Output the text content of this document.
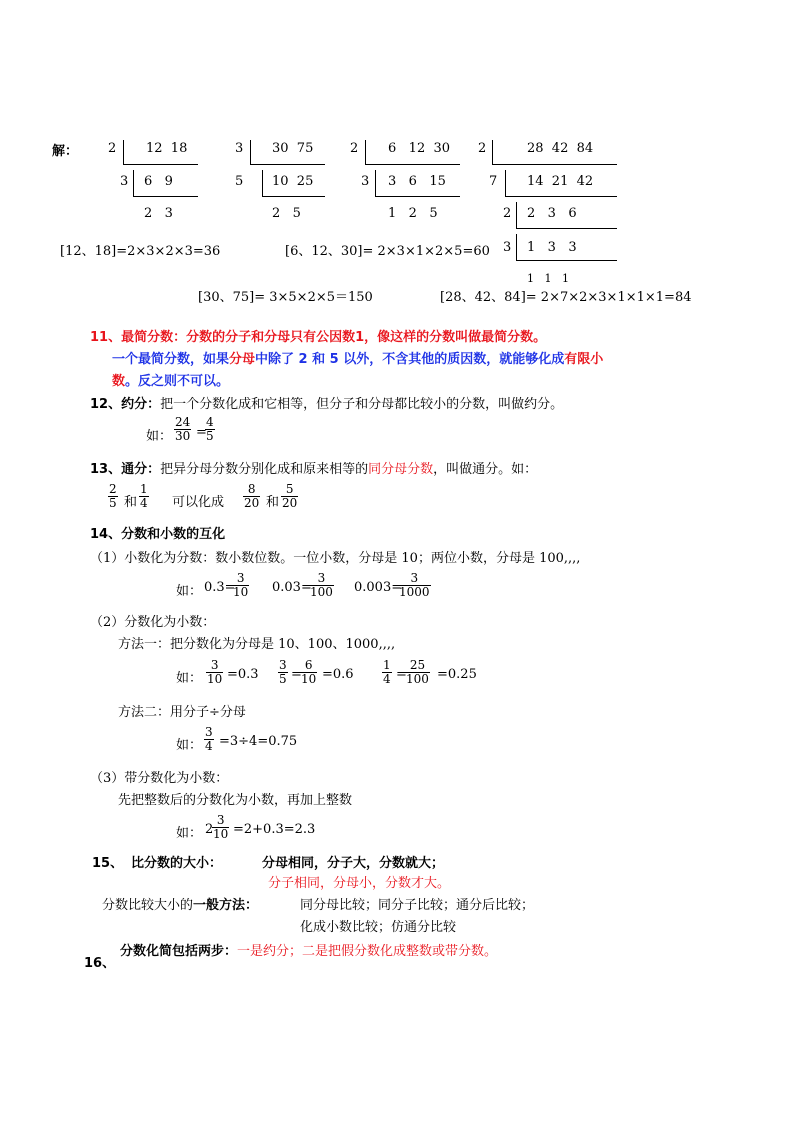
解： 2 12  18
3 6   9
2   3
3 30  75
5 10  25
2   5
2 6   12  30
3 3   6   15
1   2   5
2	28  42  84
7 14  21  42
2 2   3   6
3 1   3   3
1   1   1
[12、18]=2×3×2×3=36	[6、12、30]= 2×3×1×2×5=60
[30、75]= 3×5×2×5＝150	[28、42、84]= 2×7×2×3×1×1×1=84
11、最简分数：分数的分子和分母只有公因数1，像这样的分数叫做最简分数。
一个最简分数，如果分母中除了 2 和 5 以外，不含其他的质因数，就能够化成有限小
数。反之则不可以。
12、约分：把一个分数化成和它相等，但分子和分母都比较小的分数，叫做约分。
如： $\frac{24}{30}$ =
$\frac{4}{5}$
13、通分：把异分母分数分别化成和原来相等的同分母分数，叫做通分。如：
$\frac{2}{5}$ 和 $\frac{1}{4}$ 可以化成 $\frac{8}{20}$ 和 $\frac{5}{20}$
14、分数和小数的互化
（1）小数化为分数：数小数位数。一位小数，分母是 10；两位小数，分母是 100,,,,
如： 0.3=
$\frac{3}{10} 0.03=$
$\frac{3}{100} 0.003=$
$\frac{3}{1000}$
（2）分数化为小数：
方法一：把分数化为分母是 10、100、1000,,,,
如： $\frac{3}{10} =0.3 \frac{3}{5}$ =
$\frac{6}{10} =0.6 \frac{1}{4}$ =
$\frac{25}{100} =0.25$
方法二：用分子÷分母
如： $\frac{3}{4} =3\div 4=0.75$
（3）带分数化为小数：
先把整数后的分数化为小数，再加上整数
如： 2
$\frac{3}{10} =2+0.3=2.3$
15、 比分数的大小：	分母相同，分子大，分数就大；
分子相同，分母小，分数才大。
分数比较大小的一般方法：	同分母比较；同分子比较；通分后比较；
化成小数比较；仿通分比较
分数化简包括两步：一是约分；二是把假分数化成整数或带分数。
16、
